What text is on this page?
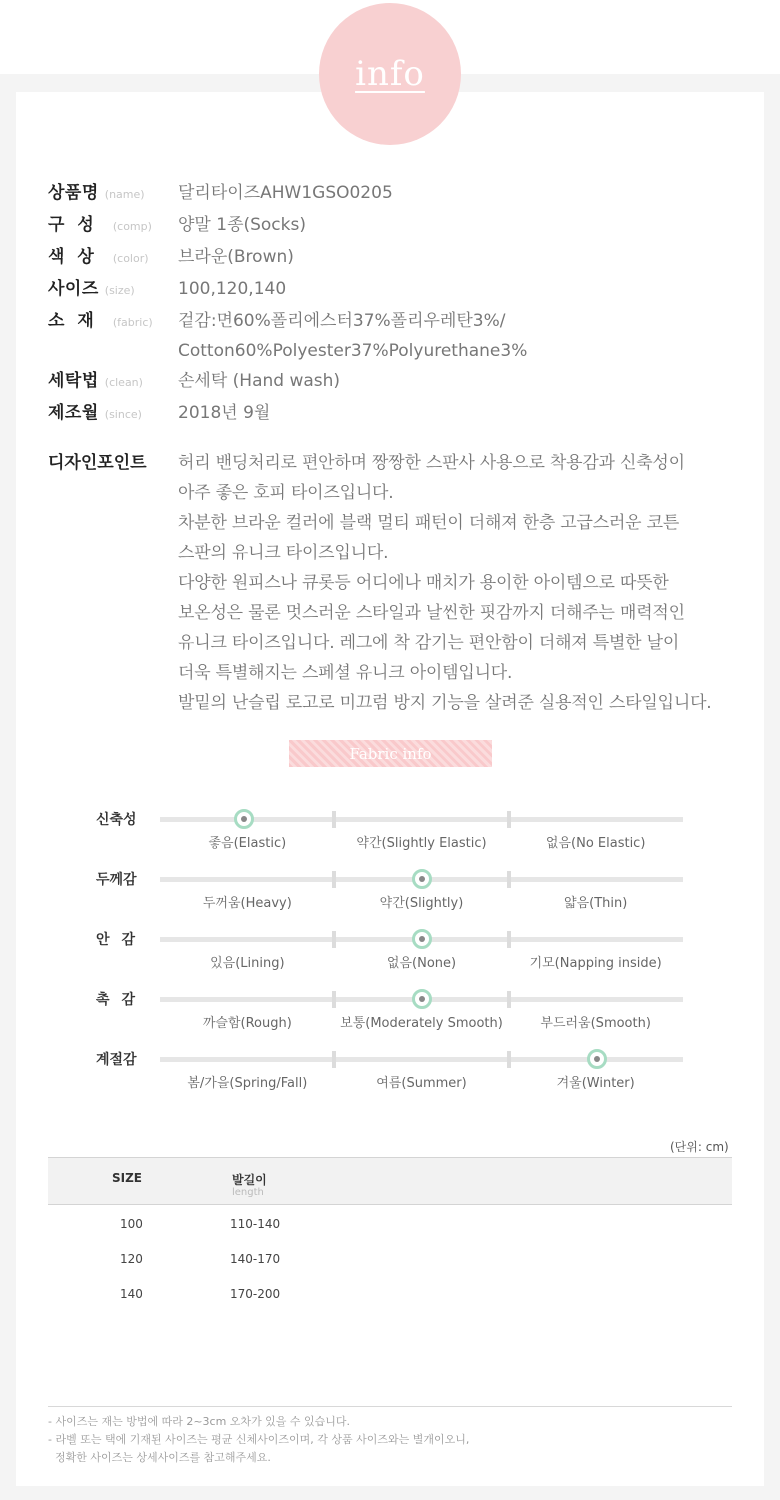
info
상품명 (name)	달리타이즈AHW1GSO0205
구성 (comp)	양말 1종(Socks)
색상 (color)	브라운(Brown)
사이즈 (size)	100,120,140
소재 (fabric)	겉감:면60%폴리에스터37%폴리우레탄3%/
Cotton60%Polyester37%Polyurethane3%
세탁법 (clean)	손세탁 (Hand wash)
제조월 (since)	2018년 9월
디자인포인트	허리 밴딩처리로 편안하며 짱짱한 스판사 사용으로 착용감과 신축성이
아주 좋은 호피 타이즈입니다.
차분한 브라운 컬러에 블랙 멀티 패턴이 더해져 한층 고급스러운 코튼
스판의 유니크 타이즈입니다.
다양한 원피스나 큐롯등 어디에나 매치가 용이한 아이템으로 따뜻한
보온성은 물론 멋스러운 스타일과 날씬한 핏감까지 더해주는 매력적인
유니크 타이즈입니다. 레그에 착 감기는 편안함이 더해져 특별한 날이
더욱 특별해지는 스페셜 유니크 아이템입니다.
발밑의 난슬립 로고로 미끄럼 방지 기능을 살려준 실용적인 스타일입니다.
Fabric info
신축성
좋음(Elastic)	약간(Slightly Elastic)	없음(No Elastic)
두께감
두꺼움(Heavy)	약간(Slightly)	얇음(Thin)
안감
있음(Lining)	없음(None)	기모(Napping inside)
촉감
까슬함(Rough)	보통(Moderately Smooth)	부드러움(Smooth)
계절감
봄/가을(Spring/Fall)	여름(Summer)	겨울(Winter)
(단위: cm)
SIZE	발길이
length
100	110-140
120	140-170
140	170-200
- 사이즈는 재는 방법에 따라 2~3cm 오차가 있을 수 있습니다.
- 라벨 또는 택에 기재된 사이즈는 평균 신체사이즈이며, 각 상품 사이즈와는 별개이오니,
정확한 사이즈는 상세사이즈를 참고해주세요.
